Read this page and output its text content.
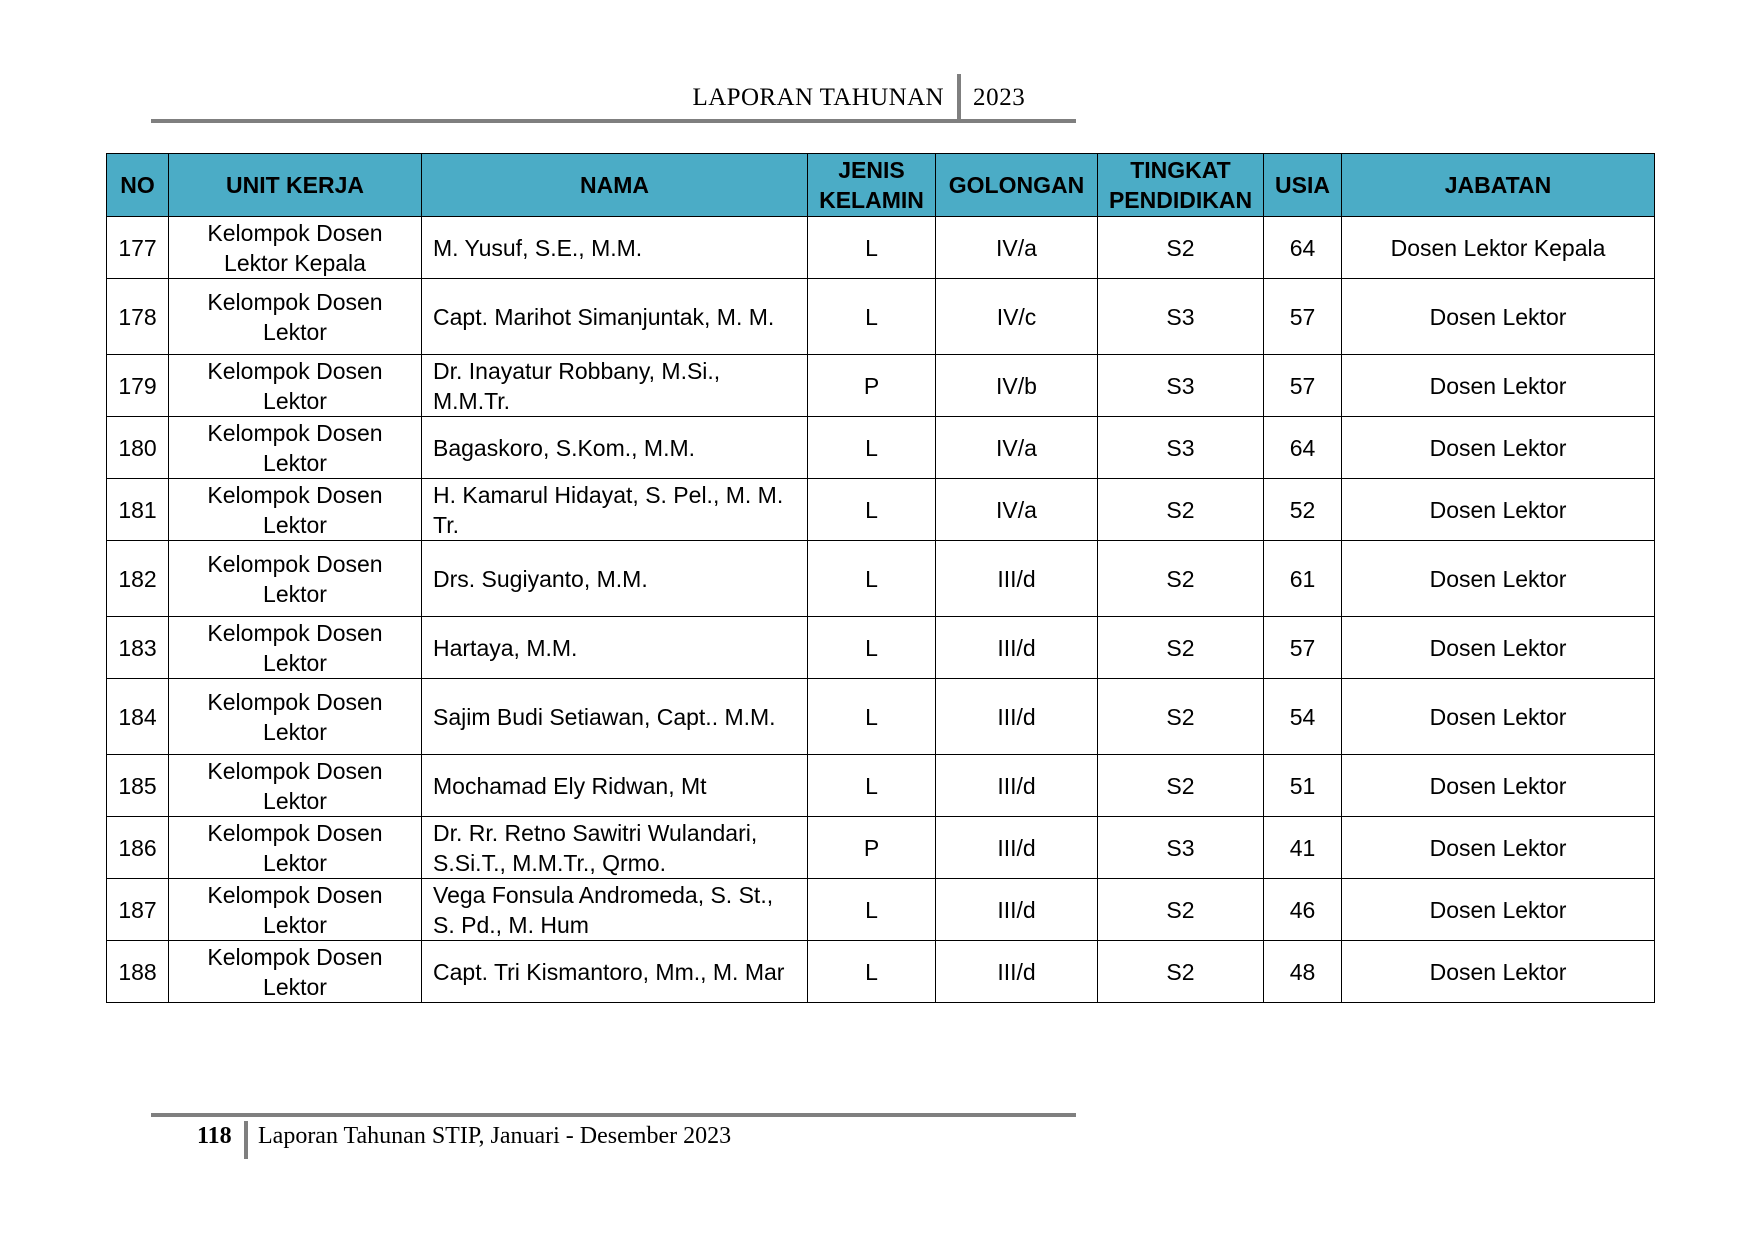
LAPORAN TAHUNAN 2023
NO	UNIT KERJA	NAMA	JENIS KELAMIN	GOLONGAN	TINGKAT PENDIDIKAN	USIA	JABATAN
177	Kelompok Dosen Lektor Kepala	M. Yusuf, S.E., M.M.	L	IV/a	S2	64	Dosen Lektor Kepala
178	Kelompok Dosen Lektor	Capt. Marihot Simanjuntak, M. M.	L	IV/c	S3	57	Dosen Lektor
179	Kelompok Dosen Lektor	Dr. Inayatur Robbany, M.Si., M.M.Tr.	P	IV/b	S3	57	Dosen Lektor
180	Kelompok Dosen Lektor	Bagaskoro, S.Kom., M.M.	L	IV/a	S3	64	Dosen Lektor
181	Kelompok Dosen Lektor	H. Kamarul Hidayat, S. Pel., M. M. Tr.	L	IV/a	S2	52	Dosen Lektor
182	Kelompok Dosen Lektor	Drs. Sugiyanto, M.M.	L	III/d	S2	61	Dosen Lektor
183	Kelompok Dosen Lektor	Hartaya, M.M.	L	III/d	S2	57	Dosen Lektor
184	Kelompok Dosen Lektor	Sajim Budi Setiawan, Capt.. M.M.	L	III/d	S2	54	Dosen Lektor
185	Kelompok Dosen Lektor	Mochamad Ely Ridwan, Mt	L	III/d	S2	51	Dosen Lektor
186	Kelompok Dosen Lektor	Dr. Rr. Retno Sawitri Wulandari, S.Si.T., M.M.Tr., Qrmo.	P	III/d	S3	41	Dosen Lektor
187	Kelompok Dosen Lektor	Vega Fonsula Andromeda, S. St., S. Pd., M. Hum	L	III/d	S2	46	Dosen Lektor
188	Kelompok Dosen Lektor	Capt. Tri Kismantoro, Mm., M. Mar	L	III/d	S2	48	Dosen Lektor
118 Laporan Tahunan STIP, Januari - Desember 2023
